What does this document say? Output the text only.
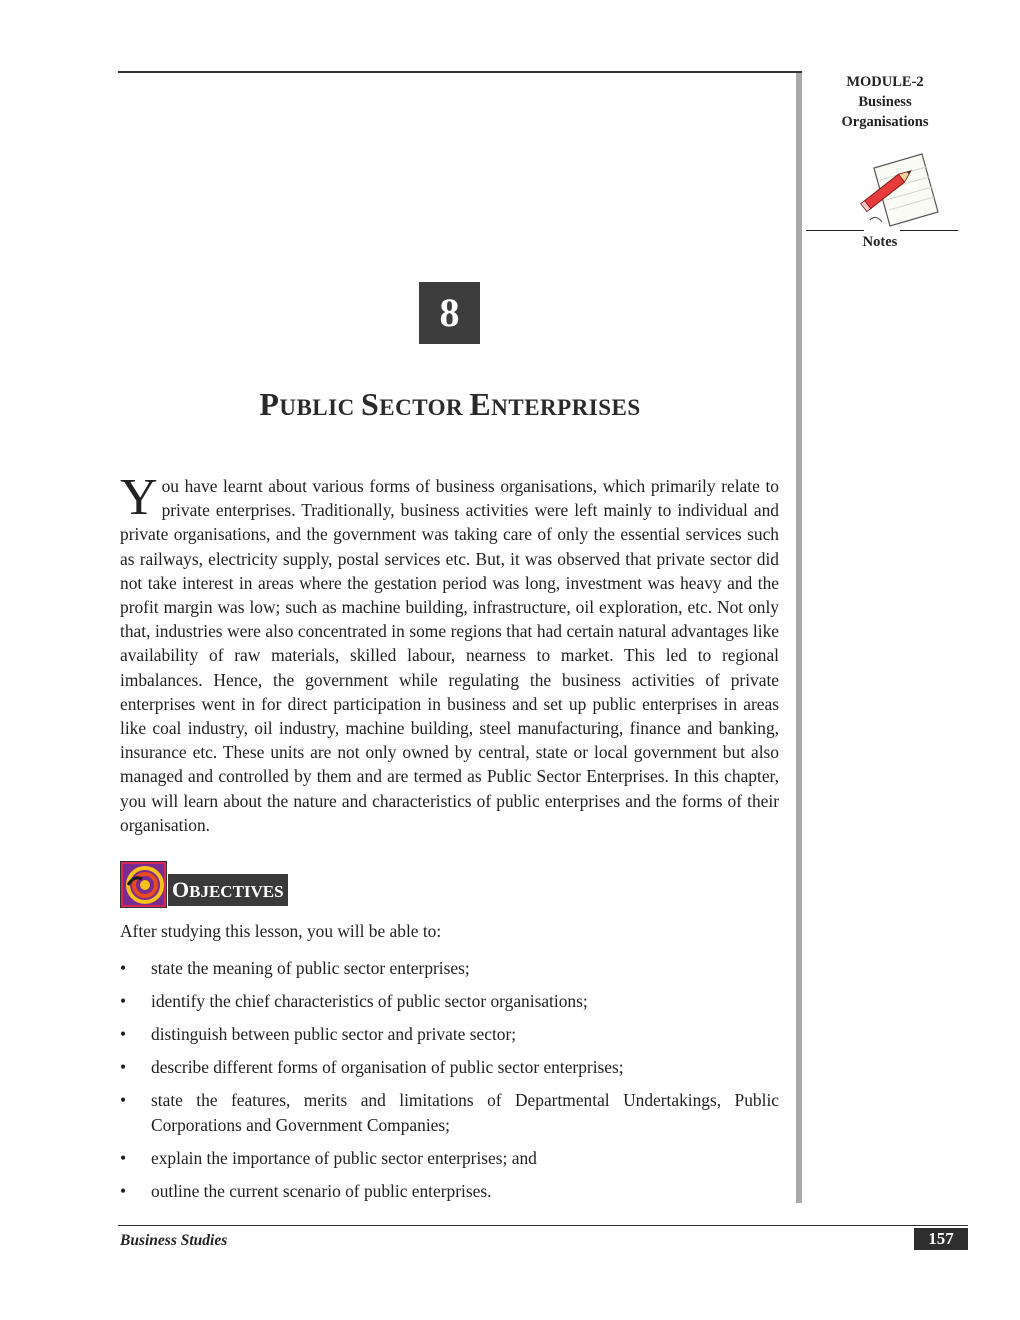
MODULE-2
Business
Organisations
Notes
8
PUBLIC SECTOR ENTERPRISES
You have learnt about various forms of business organisations, which primarily relate to private enterprises. Traditionally, business activities were left mainly to individual and private organisations, and the government was taking care of only the essential services such as railways, electricity supply, postal services etc. But, it was observed that private sector did not take interest in areas where the gestation period was long, investment was heavy and the profit margin was low; such as machine building, infrastructure, oil exploration, etc. Not only that, industries were also concentrated in some regions that had certain natural advantages like availability of raw materials, skilled labour, nearness to market. This led to regional imbalances. Hence, the government while regulating the business activities of private enterprises went in for direct participation in business and set up public enterprises in areas like coal industry, oil industry, machine building, steel manufacturing, finance and banking, insurance etc. These units are not only owned by central, state or local government but also managed and controlled by them and are termed as Public Sector Enterprises. In this chapter, you will learn about the nature and characteristics of public enterprises and the forms of their organisation.
OBJECTIVES
After studying this lesson, you will be able to:
• state the meaning of public sector enterprises;
• identify the chief characteristics of public sector organisations;
• distinguish between public sector and private sector;
• describe different forms of organisation of public sector enterprises;
• state the features, merits and limitations of Departmental Undertakings, Public Corporations and Government Companies;
• explain the importance of public sector enterprises; and
• outline the current scenario of public enterprises.
Business Studies	157
